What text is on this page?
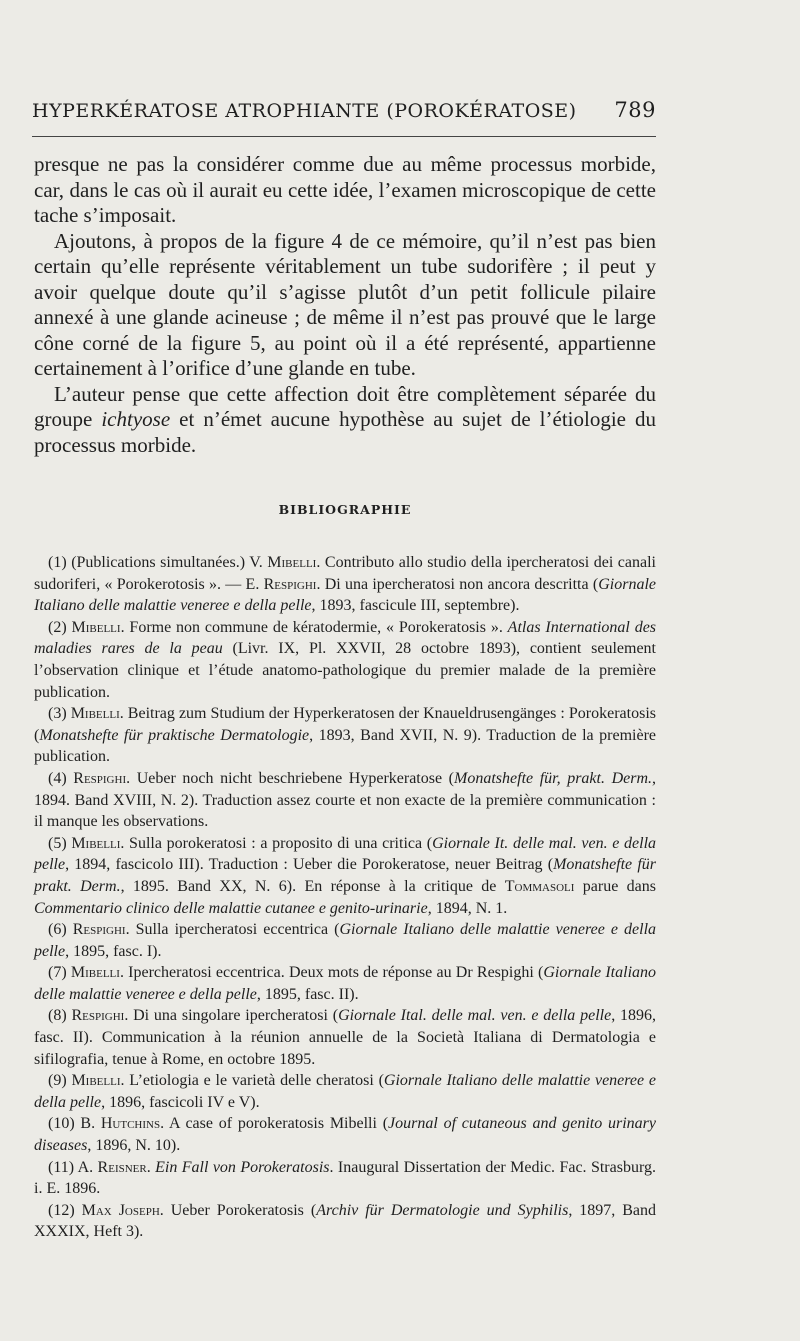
HYPERKÉRATOSE ATROPHIANTE (POROKÉRATOSE) 789

presque ne pas la considérer comme due au même processus morbide, car, dans le cas où il aurait eu cette idée, l’examen microscopique de cette tache s’imposait.

Ajoutons, à propos de la figure 4 de ce mémoire, qu’il n’est pas bien certain qu’elle représente véritablement un tube sudorifère ; il peut y avoir quelque doute qu’il s’agisse plutôt d’un petit follicule pilaire annexé à une glande acineuse ; de même il n’est pas prouvé que le large cône corné de la figure 5, au point où il a été représenté, appartienne certainement à l’orifice d’une glande en tube.

L’auteur pense que cette affection doit être complètement séparée du groupe ichtyose et n’émet aucune hypothèse au sujet de l’étiologie du processus morbide.

BIBLIOGRAPHIE

(1) (Publications simultanées.) V. Mibelli. Contributo allo studio della ipercheratosi dei canali sudoriferi, « Porokerotosis ». — E. Respighi. Di una ipercheratosi non ancora descritta (Giornale Italiano delle malattie veneree e della pelle, 1893, fascicule III, septembre).

(2) Mibelli. Forme non commune de kératodermie, « Porokeratosis ». Atlas International des maladies rares de la peau (Livr. IX, Pl. XXVII, 28 octobre 1893), contient seulement l’observation clinique et l’étude anatomo-pathologique du premier malade de la première publication.

(3) Mibelli. Beitrag zum Studium der Hyperkeratosen der Knaueldrusengänges : Porokeratosis (Monatshefte für praktische Dermatologie, 1893, Band XVII, N. 9). Traduction de la première publication.

(4) Respighi. Ueber noch nicht beschriebene Hyperkeratose (Monatshefte für, prakt. Derm., 1894. Band XVIII, N. 2). Traduction assez courte et non exacte de la première communication : il manque les observations.

(5) Mibelli. Sulla porokeratosi : a proposito di una critica (Giornale It. delle mal. ven. e della pelle, 1894, fascicolo III). Traduction : Ueber die Porokeratose, neuer Beitrag (Monatshefte für prakt. Derm., 1895. Band XX, N. 6). En réponse à la critique de Tommasoli parue dans Commentario clinico delle malattie cutanee e genito-urinarie, 1894, N. 1.

(6) Respighi. Sulla ipercheratosi eccentrica (Giornale Italiano delle malattie veneree e della pelle, 1895, fasc. I).

(7) Mibelli. Ipercheratosi eccentrica. Deux mots de réponse au Dr Respighi (Giornale Italiano delle malattie veneree e della pelle, 1895, fasc. II).

(8) Respighi. Di una singolare ipercheratosi (Giornale Ital. delle mal. ven. e della pelle, 1896, fasc. II). Communication à la réunion annuelle de la Società Italiana di Dermatologia e sifilografia, tenue à Rome, en octobre 1895.

(9) Mibelli. L’etiologia e le varietà delle cheratosi (Giornale Italiano delle malattie veneree e della pelle, 1896, fascicoli IV e V).

(10) B. Hutchins. A case of porokeratosis Mibelli (Journal of cutaneous and genito urinary diseases, 1896, N. 10).

(11) A. Reisner. Ein Fall von Porokeratosis. Inaugural Dissertation der Medic. Fac. Strasburg. i. E. 1896.

(12) Max Joseph. Ueber Porokeratosis (Archiv für Dermatologie und Syphilis, 1897, Band XXXIX, Heft 3).
